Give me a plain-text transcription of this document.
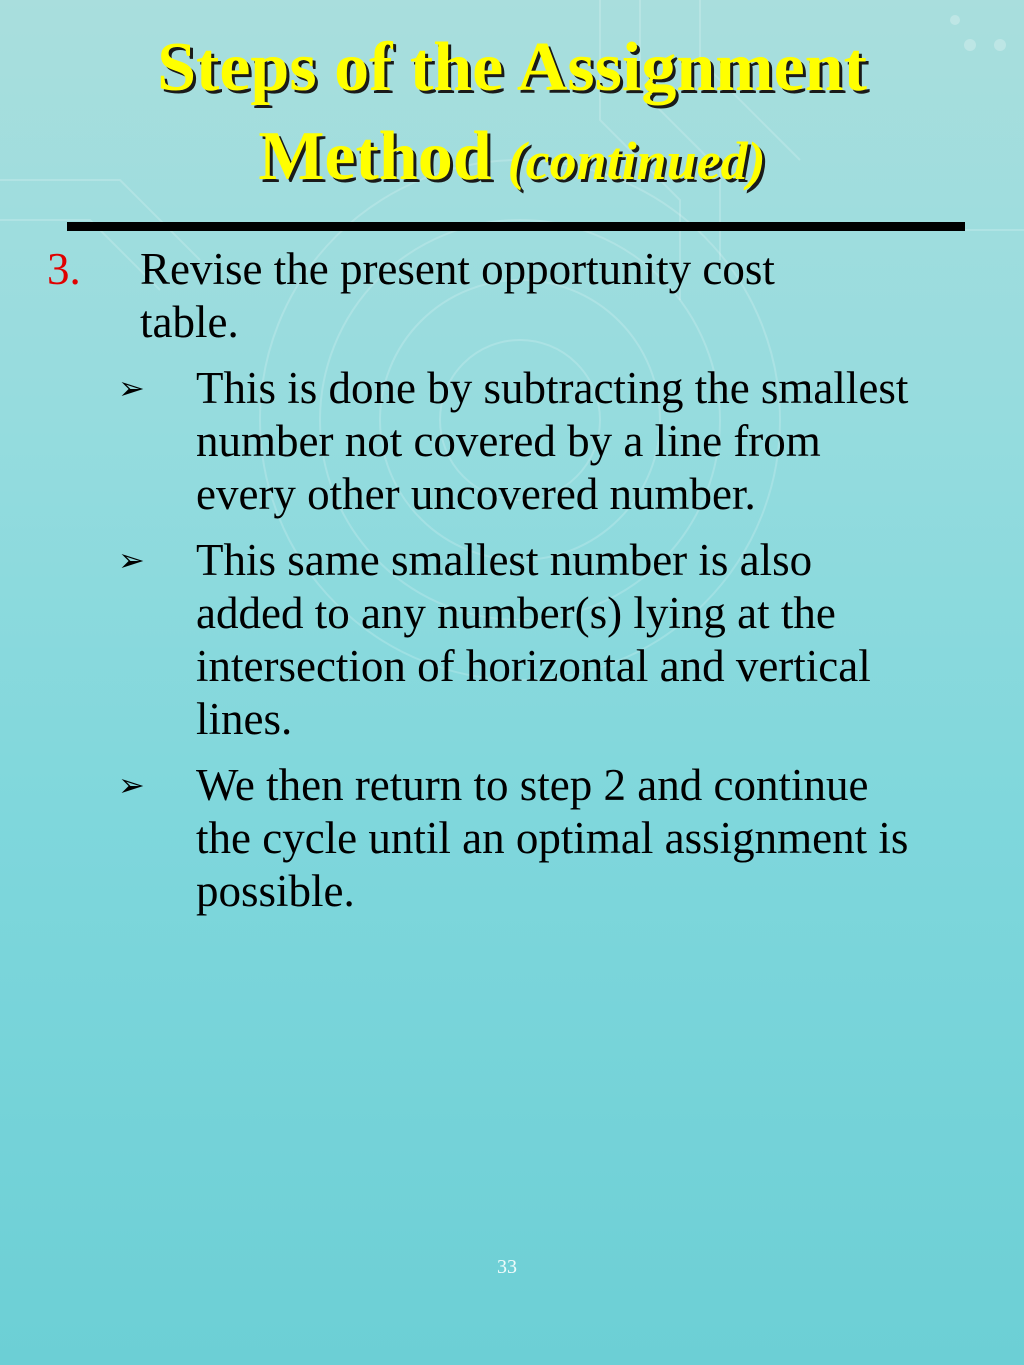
Steps of the Assignment
Method (continued)
3. Revise the present opportunity cost
table.
➢ This is done by subtracting the smallest
number not covered by a line from
every other uncovered number.
➢ This same smallest number is also
added to any number(s) lying at the
intersection of horizontal and vertical
lines.
➢ We then return to step 2 and continue
the cycle until an optimal assignment is
possible.
33
